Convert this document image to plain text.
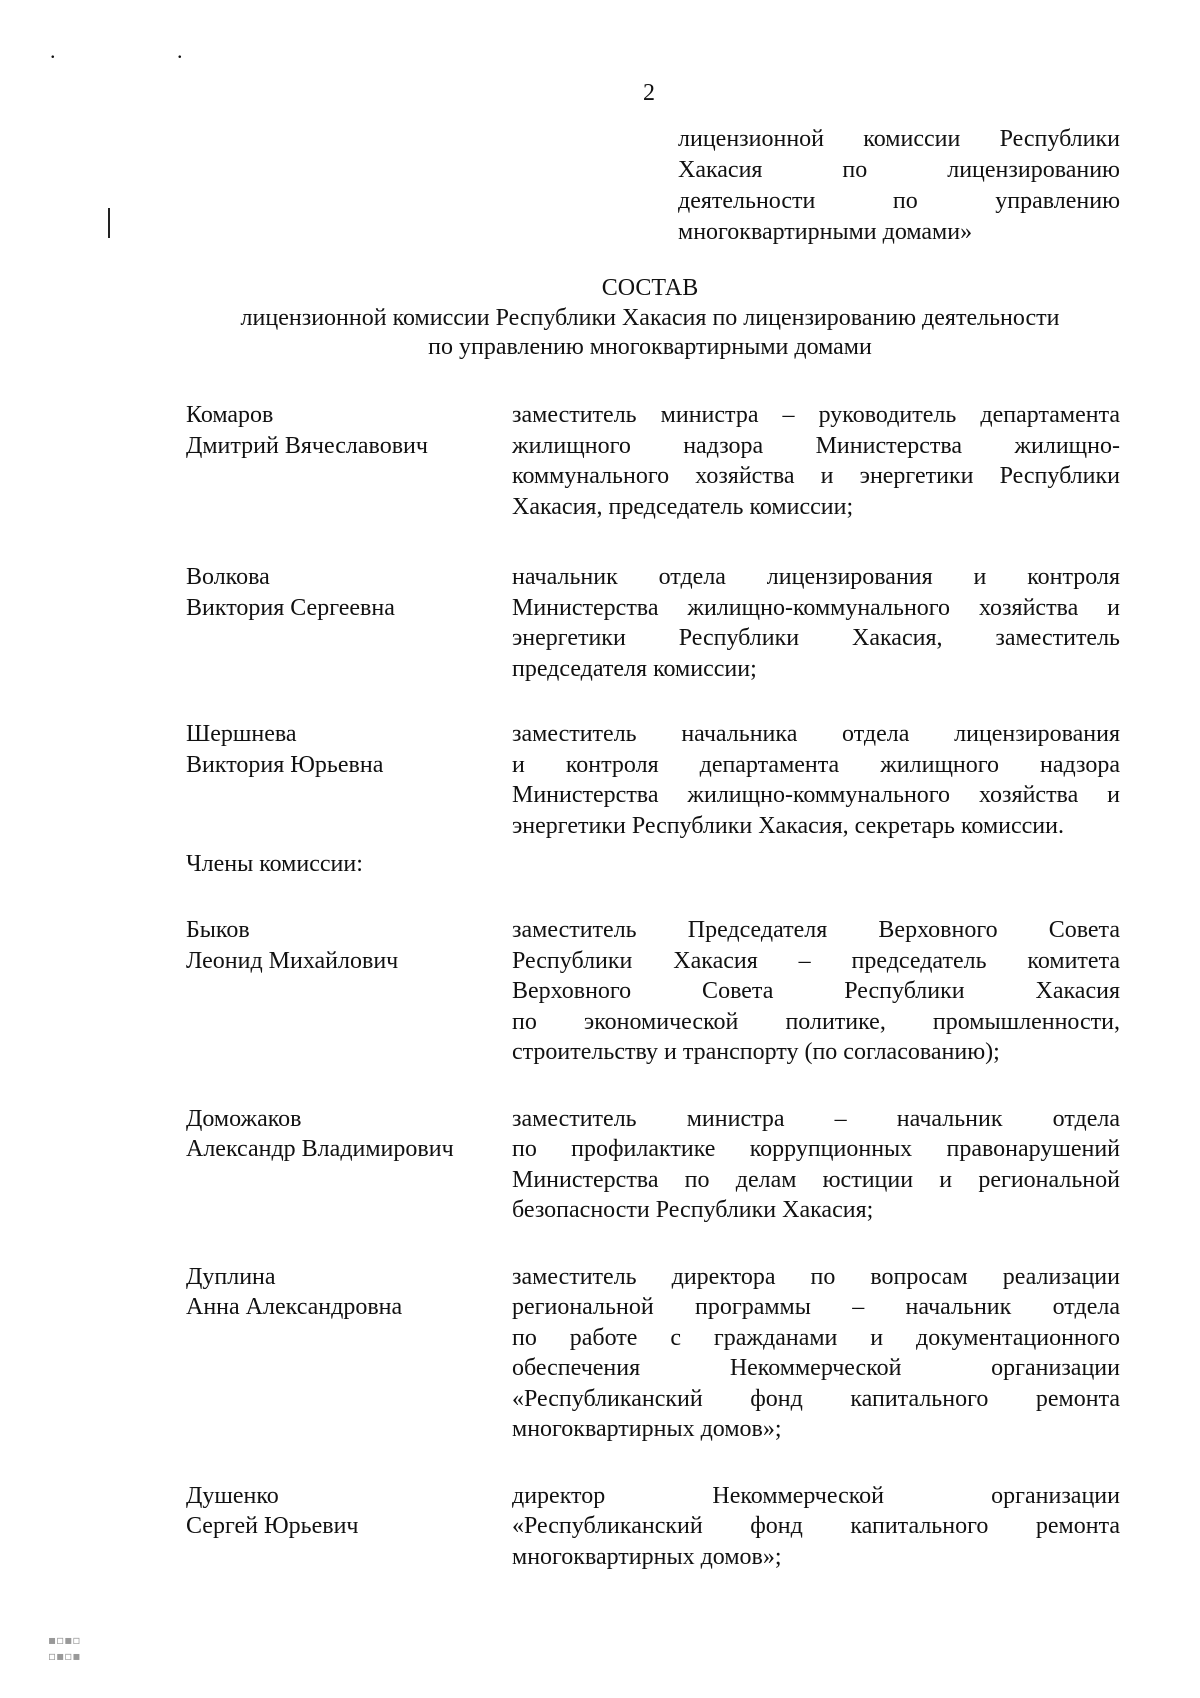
. .
2
лицензионной комиссии Республики
Хакасия по лицензированию
деятельности по управлению
многоквартирными домами»
СОСТАВ
лицензионной комиссии Республики Хакасия по лицензированию деятельности
по управлению многоквартирными домами
Комаров
Дмитрий Вячеславович
заместитель министра – руководитель департамента
жилищного надзора Министерства жилищно-
коммунального хозяйства и энергетики Республики
Хакасия, председатель комиссии;
Волкова
Виктория Сергеевна
начальник отдела лицензирования и контроля
Министерства жилищно-коммунального хозяйства и
энергетики Республики Хакасия, заместитель
председателя комиссии;
Шершнева
Виктория Юрьевна
заместитель начальника отдела лицензирования
и контроля департамента жилищного надзора
Министерства жилищно-коммунального хозяйства и
энергетики Республики Хакасия, секретарь комиссии.
Члены комиссии:
Быков
Леонид Михайлович
заместитель Председателя Верховного Совета
Республики Хакасия – председатель комитета
Верховного Совета Республики Хакасия
по экономической политике, промышленности,
строительству и транспорту (по согласованию);
Доможаков
Александр Владимирович
заместитель министра – начальник отдела
по профилактике коррупционных правонарушений
Министерства по делам юстиции и региональной
безопасности Республики Хакасия;
Дуплина
Анна Александровна
заместитель директора по вопросам реализации
региональной программы – начальник отдела
по работе с гражданами и документационного
обеспечения Некоммерческой организации
«Республиканский фонд капитального ремонта
многоквартирных домов»;
Душенко
Сергей Юрьевич
директор Некоммерческой организации
«Республиканский фонд капитального ремонта
многоквартирных домов»;
▪▫▪▫
▫▪▫▪
